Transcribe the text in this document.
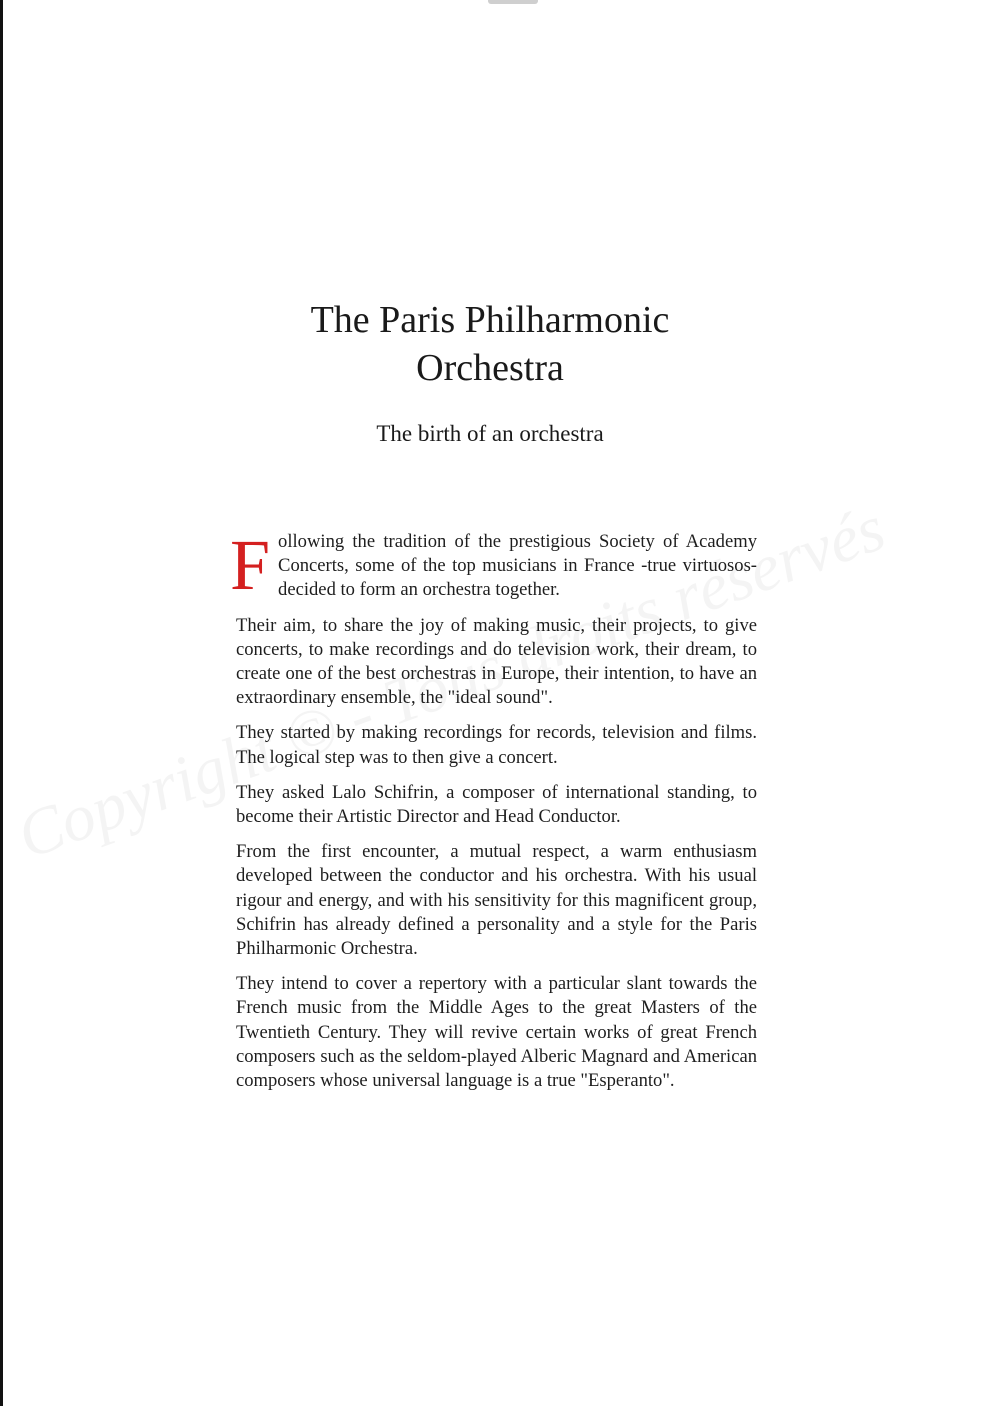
The Paris Philharmonic
Orchestra
The birth of an orchestra

Following the tradition of the prestigious Society of Academy Concerts, some of the top musicians in France -true virtuosos- decided to form an orchestra together.

Their aim, to share the joy of making music, their projects, to give concerts, to make recordings and do television work, their dream, to create one of the best orchestras in Europe, their intention, to have an extraordinary ensemble, the "ideal sound".

They started by making recordings for records, television and films. The logical step was to then give a concert.

They asked Lalo Schifrin, a composer of international standing, to become their Artistic Director and Head Conductor.

From the first encounter, a mutual respect, a warm enthusiasm developed between the conductor and his orchestra. With his usual rigour and energy, and with his sensitivity for this magnificent group, Schifrin has already defined a personality and a style for the Paris Philharmonic Orchestra.

They intend to cover a repertory with a particular slant towards the French music from the Middle Ages to the great Masters of the Twentieth Century. They will revive certain works of great French composers such as the seldom-played Alberic Magnard and American composers whose universal language is a true "Esperanto".
